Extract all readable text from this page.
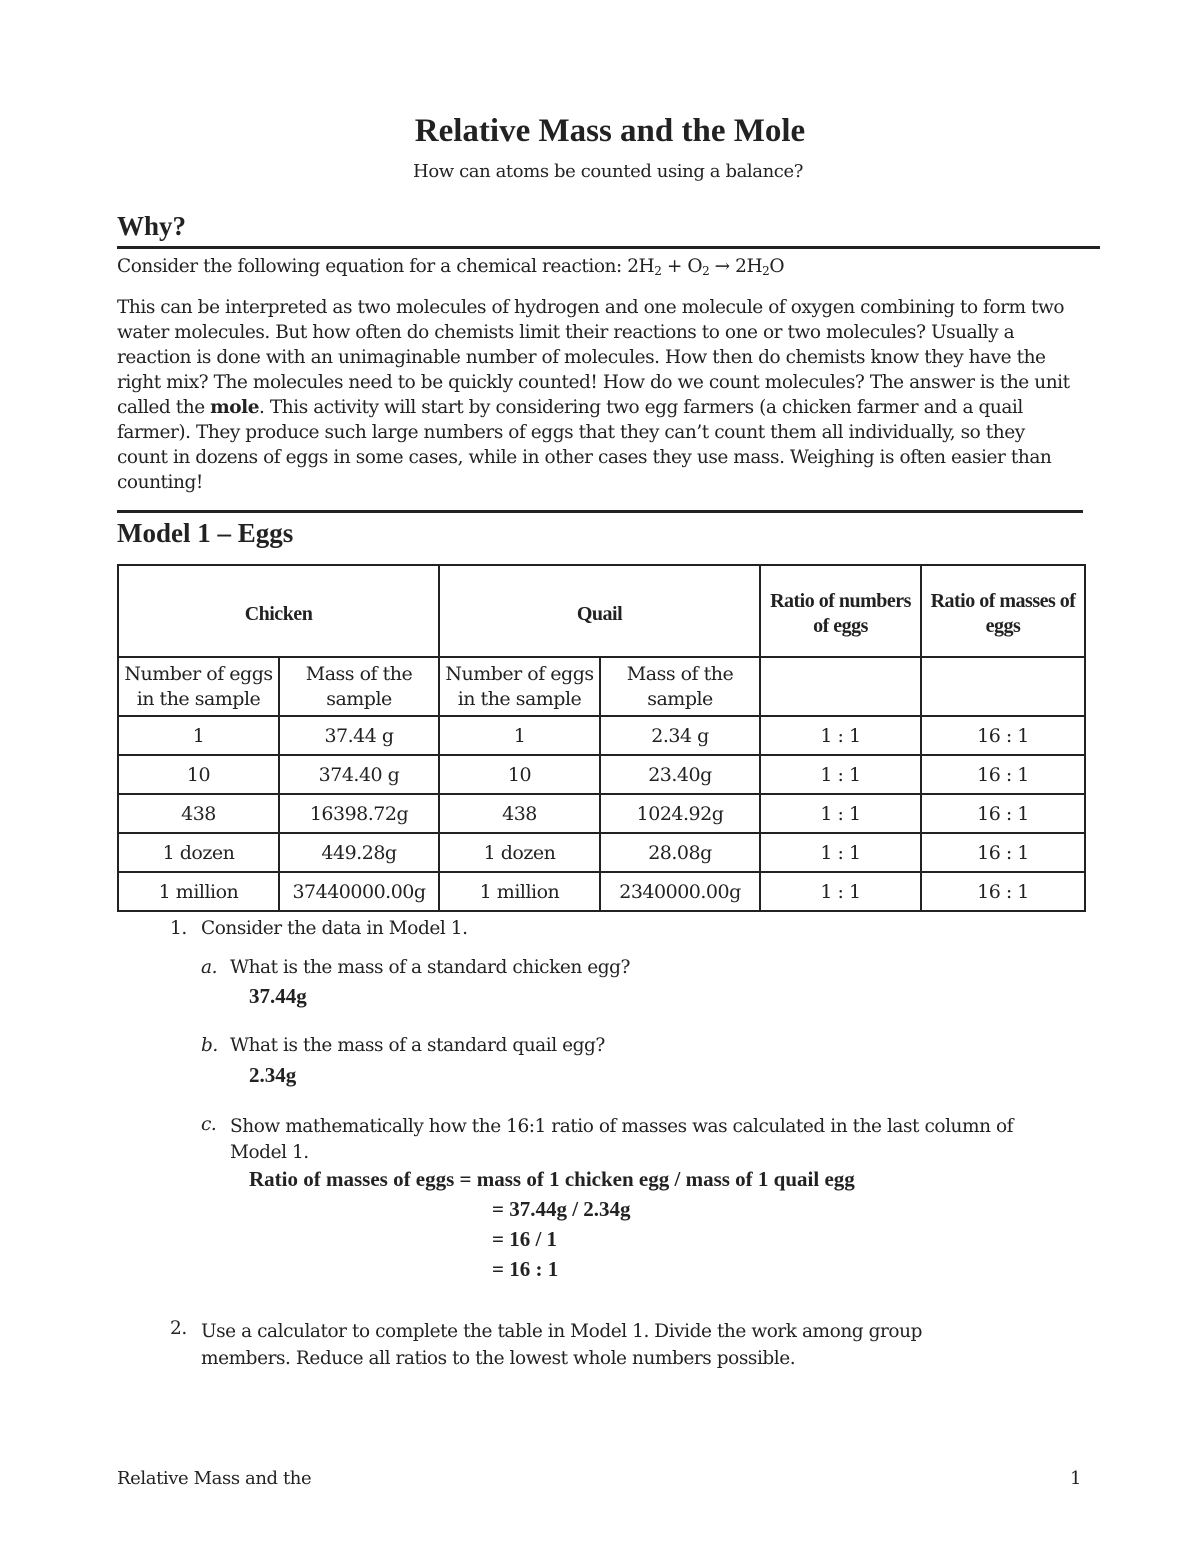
Relative Mass and the Mole
How can atoms be counted using a balance?
Why?
Consider the following equation for a chemical reaction: $2H_2 + O_2 \to 2H_2O$
This can be interpreted as two molecules of hydrogen and one molecule of oxygen combining to form two water molecules. But how often do chemists limit their reactions to one or two molecules? Usually a reaction is done with an unimaginable number of molecules. How then do chemists know they have the right mix? The molecules need to be quickly counted! How do we count molecules? The answer is the unit called the mole. This activity will start by considering two egg farmers (a chicken farmer and a quail farmer). They produce such large numbers of eggs that they can’t count them all individually, so they count in dozens of eggs in some cases, while in other cases they use mass. Weighing is often easier than counting!
Model 1 – Eggs
Chicken		Quail		Ratio of numbers of eggs	Ratio of masses of eggs
Number of eggs in the sample	Mass of the sample	Number of eggs in the sample	Mass of the sample		
1	37.44 g	1	2.34 g	1 : 1	16 : 1
10	374.40 g	10	23.40g	1 : 1	16 : 1
438	16398.72g	438	1024.92g	1 : 1	16 : 1
1 dozen	449.28g	1 dozen	28.08g	1 : 1	16 : 1
1 million	37440000.00g	1 million	2340000.00g	1 : 1	16 : 1
1. Consider the data in Model 1.
a. What is the mass of a standard chicken egg?
37.44g
b. What is the mass of a standard quail egg?
2.34g
c. Show mathematically how the 16:1 ratio of masses was calculated in the last column of Model 1.
Ratio of masses of eggs = mass of 1 chicken egg / mass of 1 quail egg
= 37.44g / 2.34g
= 16 / 1
= 16 : 1
2. Use a calculator to complete the table in Model 1. Divide the work among group members. Reduce all ratios to the lowest whole numbers possible.
Relative Mass and the	1
